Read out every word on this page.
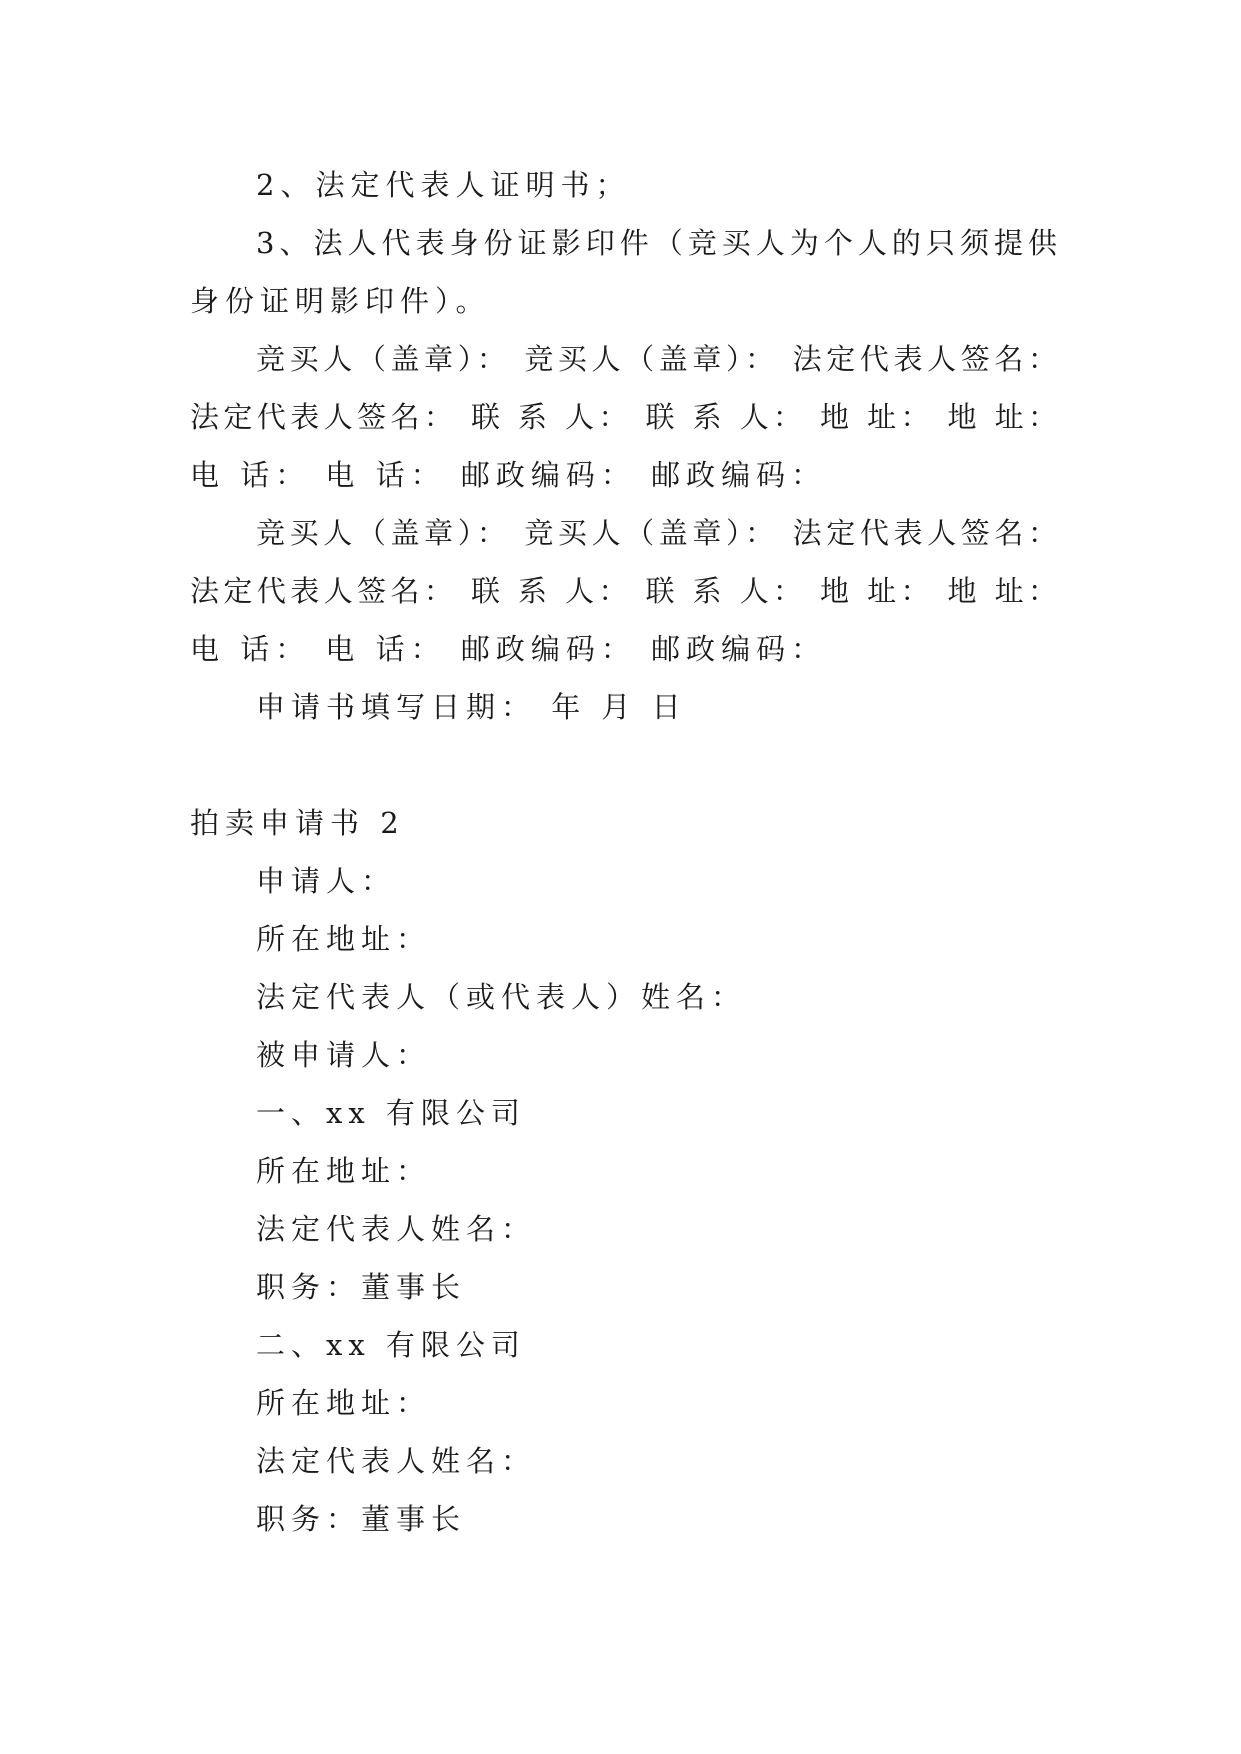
2、法定代表人证明书；
3、法人代表身份证影印件（竞买人为个人的只须提供
身份证明影印件）。
竞买人（盖章）： 竞买人（盖章）： 法定代表人签名：
法定代表人签名： 联 系 人： 联 系 人： 地 址： 地 址：
电 话： 电 话： 邮政编码： 邮政编码：
竞买人（盖章）： 竞买人（盖章）： 法定代表人签名：
法定代表人签名： 联 系 人： 联 系 人： 地 址： 地 址：
电 话： 电 话： 邮政编码： 邮政编码：
申请书填写日期： 年 月 日
拍卖申请书 2
申请人：
所在地址：
法定代表人（或代表人）姓名：
被申请人：
一、xx 有限公司
所在地址：
法定代表人姓名：
职务：董事长
二、xx 有限公司
所在地址：
法定代表人姓名：
职务：董事长
